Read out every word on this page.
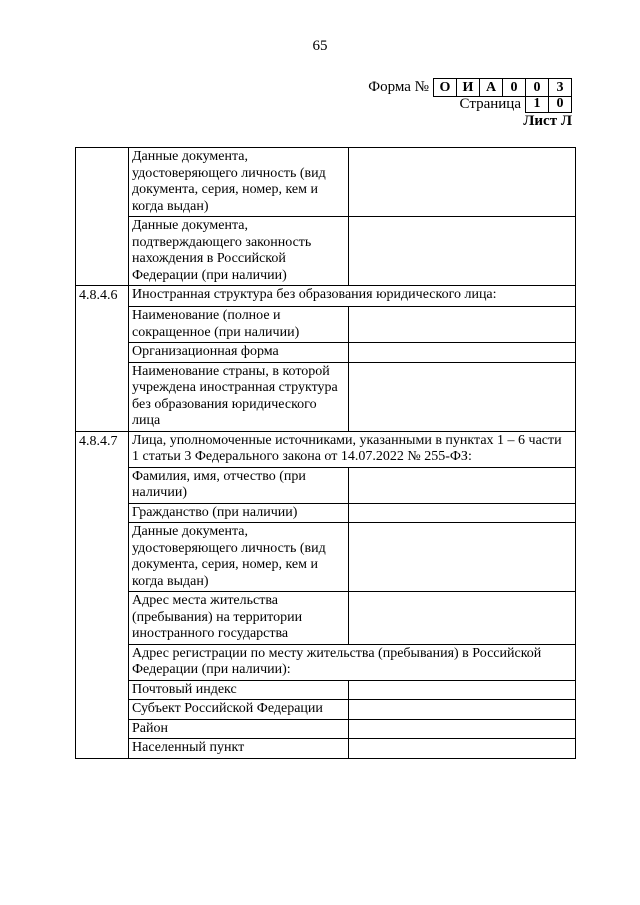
65
Форма № О И А	0	0	3
Страница 1	0
Лист Л
	Данные документа, удостоверяющего личность (вид документа, серия, номер, кем и когда выдан)	
	Данные документа, подтверждающего законность нахождения в Российской Федерации (при наличии)	
4.8.4.6	Иностранная структура без образования юридического лица:	
	Наименование (полное и сокращенное (при наличии)	
	Организационная форма	
	Наименование страны, в которой учреждена иностранная структура без образования юридического лица	
4.8.4.7	Лица, уполномоченные источниками, указанными в пунктах 1 – 6 части 1 статьи 3 Федерального закона от 14.07.2022 № 255-ФЗ:	
	Фамилия, имя, отчество (при наличии)	
	Гражданство (при наличии)	
	Данные документа, удостоверяющего личность (вид документа, серия, номер, кем и когда выдан)	
	Адрес места жительства (пребывания) на территории иностранного государства	
	Адрес регистрации по месту жительства (пребывания) в Российской Федерации (при наличии):	
	Почтовый индекс	
	Субъект Российской Федерации	
	Район	
	Населенный пункт	
